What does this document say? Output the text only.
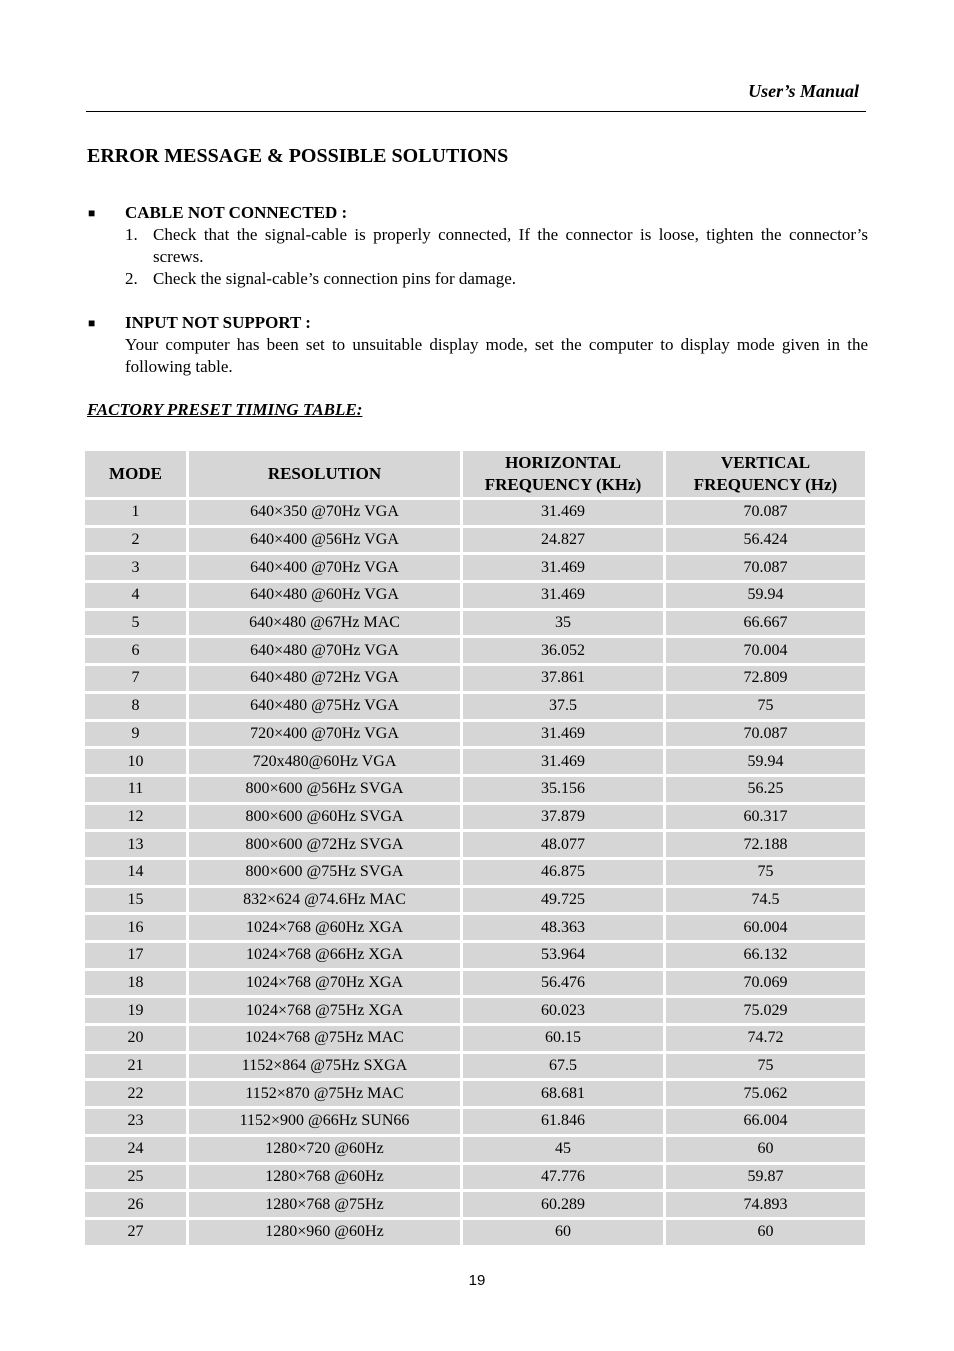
User’s Manual
ERROR MESSAGE & POSSIBLE SOLUTIONS
■ CABLE NOT CONNECTED :
1. Check that the signal-cable is properly connected, If the connector is loose, tighten the connector’s screws.
2. Check the signal-cable’s connection pins for damage.
■ INPUT NOT SUPPORT :
Your computer has been set to unsuitable display mode, set the computer to display mode given in the following table.
FACTORY PRESET TIMING TABLE:
MODE	RESOLUTION	HORIZONTAL FREQUENCY (KHz)	VERTICAL FREQUENCY (Hz)
1	640×350 @70Hz VGA	31.469	70.087
2	640×400 @56Hz VGA	24.827	56.424
3	640×400 @70Hz VGA	31.469	70.087
4	640×480 @60Hz VGA	31.469	59.94
5	640×480 @67Hz MAC	35	66.667
6	640×480 @70Hz VGA	36.052	70.004
7	640×480 @72Hz VGA	37.861	72.809
8	640×480 @75Hz VGA	37.5	75
9	720×400 @70Hz VGA	31.469	70.087
10	720x480@60Hz VGA	31.469	59.94
11	800×600 @56Hz SVGA	35.156	56.25
12	800×600 @60Hz SVGA	37.879	60.317
13	800×600 @72Hz SVGA	48.077	72.188
14	800×600 @75Hz SVGA	46.875	75
15	832×624 @74.6Hz MAC	49.725	74.5
16	1024×768 @60Hz XGA	48.363	60.004
17	1024×768 @66Hz XGA	53.964	66.132
18	1024×768 @70Hz XGA	56.476	70.069
19	1024×768 @75Hz XGA	60.023	75.029
20	1024×768 @75Hz MAC	60.15	74.72
21	1152×864 @75Hz SXGA	67.5	75
22	1152×870 @75Hz MAC	68.681	75.062
23	1152×900 @66Hz SUN66	61.846	66.004
24	1280×720 @60Hz	45	60
25	1280×768 @60Hz	47.776	59.87
26	1280×768 @75Hz	60.289	74.893
27	1280×960 @60Hz	60	60
19
